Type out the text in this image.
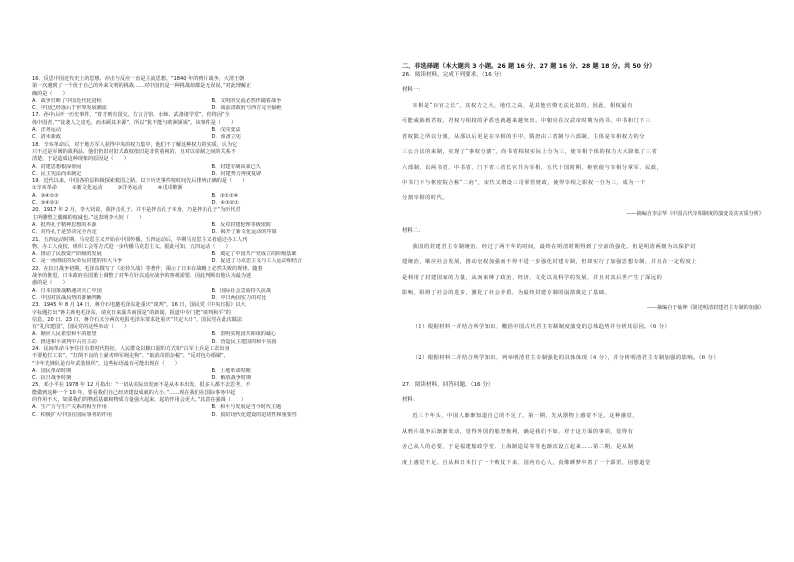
16．反思中国近代史上的思想、冲击与反应一直是主流思想。“1840 年的鸦片战争，大清王朝

第一次遇到了一个优于自己的外来文明的挑战……对中国仍是一种挑战却都是无误误。”对此理解正

确的是（　　）

A．战争打断了中国近代化进程	B．文明的交流必然伴随着战争
C．中国已经落后于世界发展潮流	D．战前清政府与西方完全隔绝

17．孙中山评一历史事件，“育才则有国交、方言合馆、水师、武备诸学堂”，但终因“全

体中国者，”“徒袭人之皮毛，而未顾其本源”，所以“犹不能与欧洲颉颃”。该事件是（　　）

A．洋务运动	B．戊戌变法
C．清末新政	D．预备立宪

18．辛亥革命后，对于地方军人获得中央的权力集中，他们不了解这种权力的实质，认为它

只不过是军阀的战利品，他们仍旧对旧式政权依旧是非常重视的，且对以帝制之间的关系不

清楚，于是造成这种现象的原因是（　　）

A．封建思想根深蒂固	B．封建专制由来已久
C．民主宪法尚未制定	D．封建势力再度复辟

19．近代以来，中国各阶层积极探索救国之路。以下历史事件按时间先后排列正确的是（　　）

①辛亥革命　　　②新文化运动　　　③洋务运动　　　④戊戌维新

A．③④①②	B．③①②④
C．③④②①	D．④③②①

20．1917 年 2 月，李大钊说，我抨击孔子，并不是抨击孔子本身，乃是抨击孔子“为历代君

主所雕塑之偶像的权威也。”这表明李大钊（　　）

A．批判孔子精神思想的本源	B．反对封建伦理等级依附
C．对待孔子是坚决完全否定	D．揭开了新文化运动的序幕

21．五四运动时期，马克思主义开始在中国传播。五四运动后，早期马克思主义者通过办工人刊

物、办工人夜校、组织工会等方式进一步传播马克思主义。据此可知，五四运动（　　）

A．推动了民族资产阶级的发展	B．奠定了中国共产党成立的阶级基础
C．是一场彻底的反帝反封建的伟大斗争	D．促进了马克思主义与工人运动相结合

22．在抗日战争初期，毛泽东撰写了《论持久战》等著作，揭示了日本在战略上必然失败的规律。随着

战争的推进，日本政府在国策上调整了对华方针以适应战争的客观需要，因此判断出他认为最为迷

惑的是（　　）

A．日本国策战略速决灭亡中国	B．国际社会急需持久抗战
C．中国对抗战局势的准确判断	D．中日两国实力的对比

23．1945 年 8 月 14 日，蒋介石电邀毛泽东赴重庆“谈判”，16 日，国民党《中央日报》以大

字标题打出“蒋主席电毛泽东，请克日来渝共商国是”的新闻，报道中专门把“谈判和平”的

信息，20 日、23 日，蒋介石又分两次电报毛泽东要求赴重庆“共定大计”。国民党在此次做法

有“礼仪建国”，国民党的这些举动（　　）

A．顺应人民希望和平的愿望	B．表明实现国共和谈的诚心
C．推进和平谈判中占有主动	D．营造民主建国的和平氛围

24．民间革命斗争往往有着时代特征，人民群众以顺口溜的方式如“白军士兵是工农出身

不要枪打工农”、“打倒不良的土豪劣绅军阀走狗”、“取消苛捐杂税”、“反对包办婚姻”、

“少年先锋队是有年武装组织”。这些标语最有可能出现在（　　）

A．国民革命时期	B．土地革命时期
C．抗日战争时期	D．解放战争时期

25．邓小平在 1978 年 12 月指出：“一切从实际出发而不是从本本出发，很多人都不去思考，不

能做到这种一个 10 年，要看我们自己经济建设成就的大小。”……现在我们在国际事务中起

的作用不大，如果我们的物质基础和物质力量强大起来，起的作用会更大。”其意在强调（　　）

A．生产力与生产关系的相互作用	B．和平与发展是当今时代主题
C．积极扩大中国在国际事务的作用	D．搞好现代化建设的迫切性和重要性

二、非选择题（本大题共 3 小题。26 题 16 分、27 题 16 分、28 题 18 分。共 50 分）

26．阅读材料，完成下列要求。（16 分）

材料一：

宰相是“百官之长”，其权力之大，地位之高，是其他官僚无法比拟的。因此，相权最有

可能威胁到君权，君权与相权的矛盾也就越来越突出。中朝官在汉武帝时期为尚书、中书和门下三

省权限之所以分离，从那以后更是在宰相的手中。隋唐由三省制与六部制，主体是宰相权力的分

三公合议的来制，实现了“事权分割”，尚书省相权实际上分为三，使宰相个体的权力大大降低了三省

六部制，以两书省、中书省、门下省三省长官共为宰相。五代十国时期，枢密使与宰相分掌军、民政，

中书门下与枢密院合称“二府”，宋代又增设三司掌管财政，使得宰相之职权一分为三，成为一个

分割宰相的时代。

——摘编自李宗华《中国古代宰相制度的演变及其实质分析》

材料二：

我国的封建君主专制统治，经过了两千年的时间，最终在明清时期得到了空前的强化。但是明清两朝为以保护封

建统治，顺应社会发展，推动皇权加强而不得不进一步强化封建专制，但却实行了加强思想专制，并且在一定程度上

是利用了封建国家的力量，从而束缚了政治、经济、文化以及科学的发展，并且对其后世产生了深远的

影响，阻碍了社会的进步，激化了社会矛盾，为最终封建专制的崩溃奠定了基础。

——摘编自于灿坤《简述明清封建君主专制的加强》

（1）根据材料一并结合所学知识，概括中国古代君主专制制度演变的总体趋势并分析其原因。（6 分）

（2）根据材料二并结合所学知识，列举明清君主专制强化的具体体现（4 分），并分析明清君主专制加强的影响。（6 分）

27．阅读材料，回答问题。（16 分）

材料：

近三个年头，中国人渐渐知道自己的不足了。第一期，先从器物上感觉不足。这种感觉，

从鸦片战争后渐渐发动，觉得外国的船坚炮利，确是我们不如，对于这方面的事项，觉得有

舍己从人的必要，于是福建船政学堂、上海制造局等等也渐次设立起来……第二期，是从制

度上感觉不足。自从和日本打了一个败仗下来，国内有心人，真像睡梦中着了一个霹雳，因想道堂
